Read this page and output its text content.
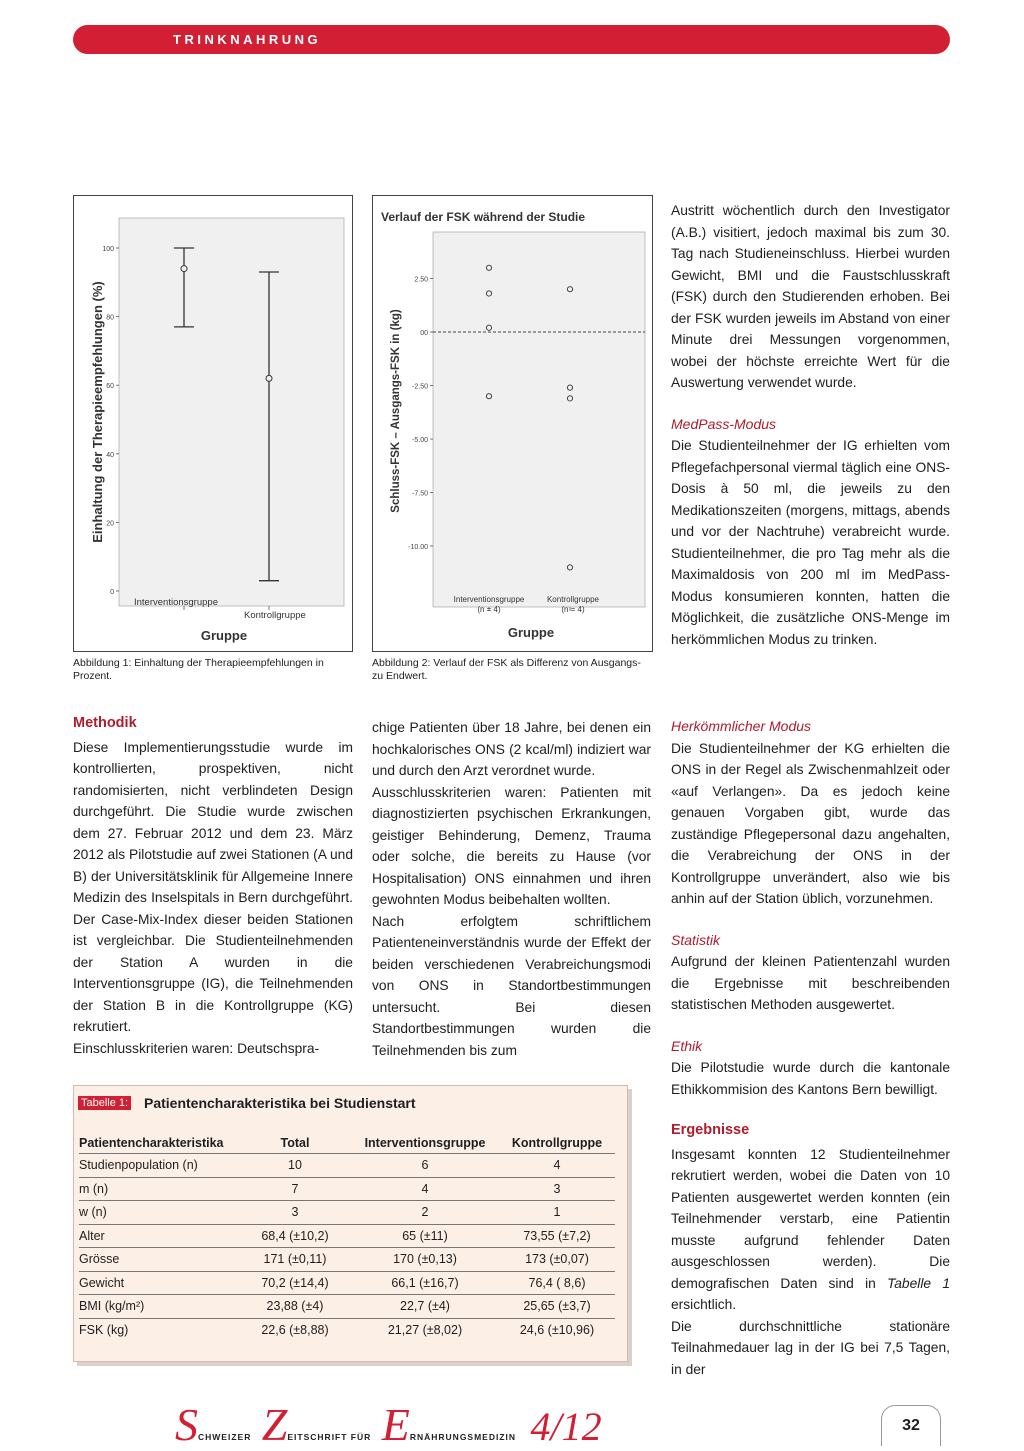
TRINKNAHRUNG
Einhaltung der Therapieempfehlungen (%)
Gruppe
100
80
60
40
20
0
Interventionsgruppe
Kontrollgruppe
Abbildung 1: Einhaltung der Therapieempfehlungen in Prozent.
Verlauf der FSK während der Studie
Schluss-FSK – Ausgangs-FSK in (kg)
Gruppe
2.50
00
-2.50
-5.00
-7.50
-10.00
Interventionsgruppe
(n = 4)
Kontrollgruppe
(n = 4)
Abbildung 2: Verlauf der FSK als Differenz von Ausgangs- zu Endwert.

Austritt wöchentlich durch den Investigator (A.B.) visitiert, jedoch maximal bis zum 30. Tag nach Studieneinschluss. Hierbei wurden Gewicht, BMI und die Faustschlusskraft (FSK) durch den Studierenden erhoben. Bei der FSK wurden jeweils im Abstand von einer Minute drei Messungen vorgenommen, wobei der höchste erreichte Wert für die Auswertung verwendet wurde.

MedPass-Modus

Die Studienteilnehmer der IG erhielten vom Pflegefachpersonal viermal täglich eine ONS-Dosis à 50 ml, die jeweils zu den Medikationszeiten (morgens, mittags, abends und vor der Nachtruhe) verabreicht wurde. Studienteilnehmer, die pro Tag mehr als die Maximaldosis von 200 ml im MedPass-Modus konsumieren konnten, hatten die Möglichkeit, die zusätzliche ONS-Menge im herkömmlichen Modus zu trinken.

Methodik

Diese Implementierungsstudie wurde im kontrollierten, prospektiven, nicht randomisierten, nicht verblindeten Design durchgeführt. Die Studie wurde zwischen dem 27. Februar 2012 und dem 23. März 2012 als Pilotstudie auf zwei Stationen (A und B) der Universitätsklinik für Allgemeine Innere Medizin des Inselspitals in Bern durchgeführt. Der Case-Mix-Index dieser beiden Stationen ist vergleichbar. Die Studienteilnehmenden der Station A wurden in die Interventionsgruppe (IG), die Teilnehmenden der Station B in die Kontrollgruppe (KG) rekrutiert.

Einschlusskriterien waren: Deutschspra-

chige Patienten über 18 Jahre, bei denen ein hochkalorisches ONS (2 kcal/ml) indiziert war und durch den Arzt verordnet wurde.

Ausschlusskriterien waren: Patienten mit diagnostizierten psychischen Erkrankungen, geistiger Behinderung, Demenz, Trauma oder solche, die bereits zu Hause (vor Hospitalisation) ONS einnahmen und ihren gewohnten Modus beibehalten wollten.

Nach erfolgtem schriftlichem Patienteneinverständnis wurde der Effekt der beiden verschiedenen Verabreichungsmodi von ONS in Standortbestimmungen untersucht. Bei diesen Standortbestimmungen wurden die Teilnehmenden bis zum

Herkömmlicher Modus

Die Studienteilnehmer der KG erhielten die ONS in der Regel als Zwischenmahlzeit oder «auf Verlangen». Da es jedoch keine genauen Vorgaben gibt, wurde das zuständige Pflegepersonal dazu angehalten, die Verabreichung der ONS in der Kontrollgruppe unverändert, also wie bis anhin auf der Station üblich, vorzunehmen.

Statistik

Aufgrund der kleinen Patientenzahl wurden die Ergebnisse mit beschreibenden statistischen Methoden ausgewertet.

Ethik

Die Pilotstudie wurde durch die kantonale Ethikkommision des Kantons Bern bewilligt.

Ergebnisse

Insgesamt konnten 12 Studienteilnehmer rekrutiert werden, wobei die Daten von 10 Patienten ausgewertet werden konnten (ein Teilnehmender verstarb, eine Patientin musste aufgrund fehlender Daten ausgeschlossen werden). Die demografischen Daten sind in Tabelle 1 ersichtlich.

Die durchschnittliche stationäre Teilnahmedauer lag in der IG bei 7,5 Tagen, in der

Tabelle 1: Patientencharakteristika bei Studienstart
Patientencharakteristika	Total	Interventionsgruppe	Kontrollgruppe
Studienpopulation (n)	10	6	4
m (n)	7	4	3
w (n)	3	2	1
Alter	68,4 (±10,2)	65 (±11)	73,55 (±7,2)
Grösse	171 (±0,11)	170 (±0,13)	173 (±0,07)
Gewicht	70,2 (±14,4)	66,1 (±16,7)	76,4 ( 8,6)
BMI (kg/m²)	23,88 (±4)	22,7 (±4)	25,65 (±3,7)
FSK (kg)	22,6 (±8,88)	21,27 (±8,02)	24,6 (±10,96)
SCHWEIZER ZEITSCHRIFT FÜR ERNÄHRUNGSMEDIZIN 4/12	32
